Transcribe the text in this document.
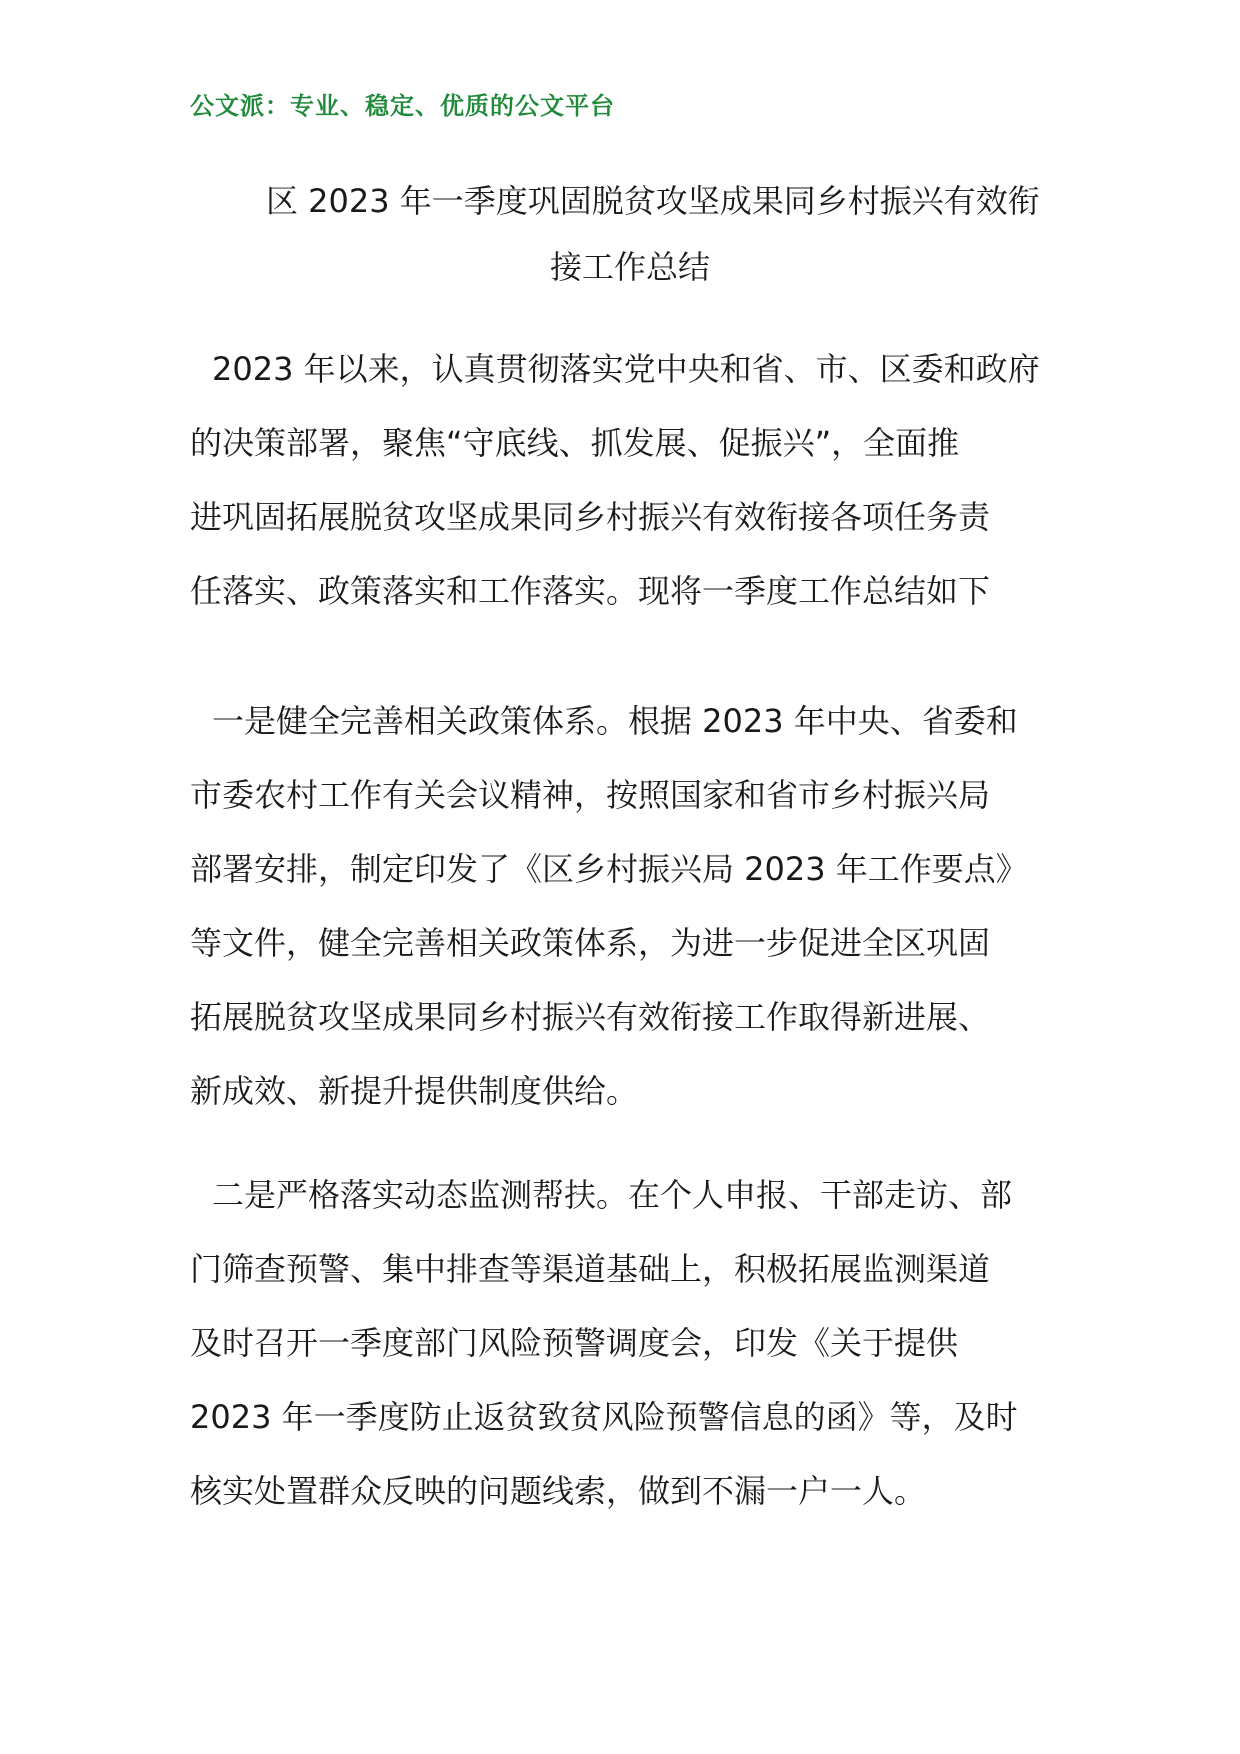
公文派：专业、稳定、优质的公文平台
区 2023 年一季度巩固脱贫攻坚成果同乡村振兴有效衔
接工作总结
2023 年以来，认真贯彻落实党中央和省、市、区委和政府
的决策部署，聚焦“守底线、抓发展、促振兴”，全面推
进巩固拓展脱贫攻坚成果同乡村振兴有效衔接各项任务责
任落实、政策落实和工作落实。现将一季度工作总结如下
一是健全完善相关政策体系。根据 2023 年中央、省委和
市委农村工作有关会议精神，按照国家和省市乡村振兴局
部署安排，制定印发了《区乡村振兴局 2023 年工作要点》
等文件，健全完善相关政策体系，为进一步促进全区巩固
拓展脱贫攻坚成果同乡村振兴有效衔接工作取得新进展、
新成效、新提升提供制度供给。
二是严格落实动态监测帮扶。在个人申报、干部走访、部
门筛查预警、集中排查等渠道基础上，积极拓展监测渠道
及时召开一季度部门风险预警调度会，印发《关于提供
2023 年一季度防止返贫致贫风险预警信息的函》等，及时
核实处置群众反映的问题线索，做到不漏一户一人。
